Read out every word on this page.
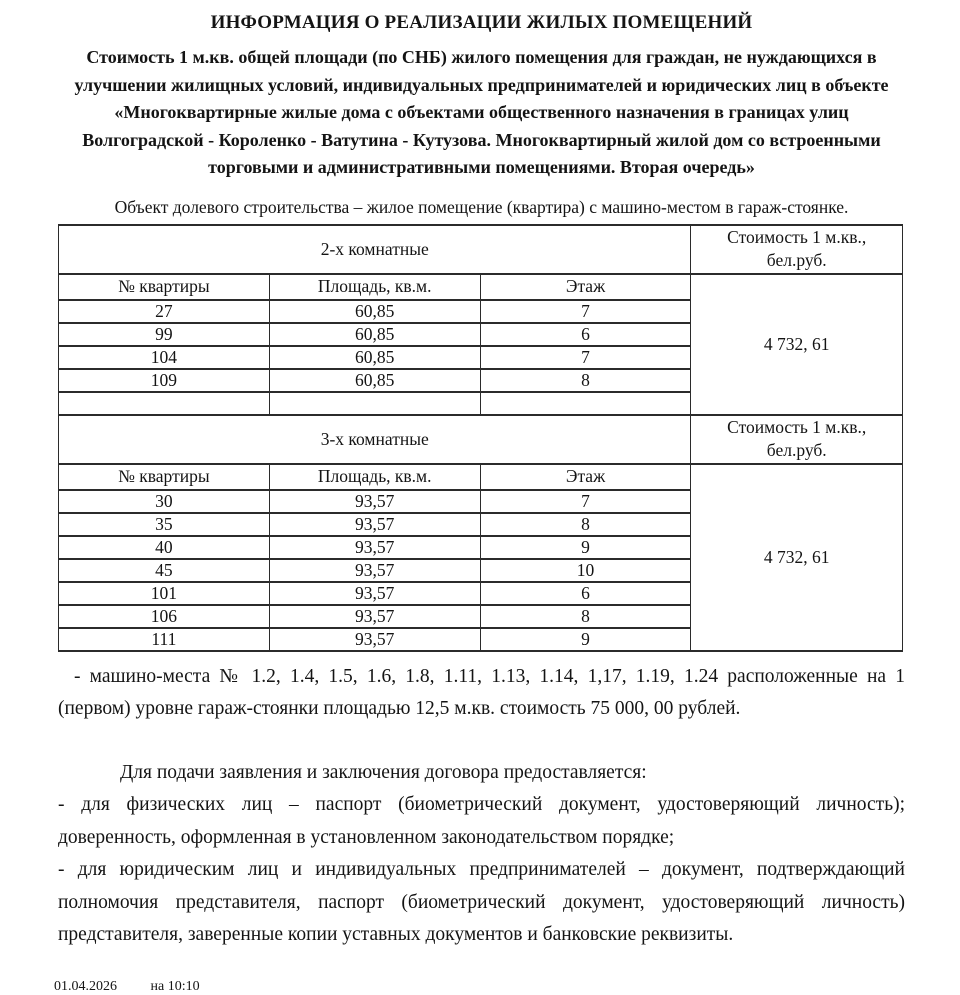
ИНФОРМАЦИЯ О РЕАЛИЗАЦИИ ЖИЛЫХ ПОМЕЩЕНИЙ
Стоимость 1 м.кв. общей площади (по СНБ) жилого помещения для граждан, не нуждающихся в
улучшении жилищных условий, индивидуальных предпринимателей и юридических лиц в объекте
«Многоквартирные жилые дома с объектами общественного назначения в границах улиц
Волгоградской - Короленко - Ватутина - Кутузова. Многоквартирный жилой дом со встроенными
торговыми и административными помещениями. Вторая очередь»

Объект долевого строительства – жилое помещение (квартира) с машино-местом в гараж-стоянке.

2-х комнатные			Стоимость 1 м.кв., бел.руб.
№ квартиры	Площадь, кв.м.	Этаж	4 732, 61
27	60,85	7	
99	60,85	6	
104	60,85	7	
109	60,85	8	

3-х комнатные			Стоимость 1 м.кв., бел.руб.
№ квартиры	Площадь, кв.м.	Этаж	4 732, 61
30	93,57	7	
35	93,57	8	
40	93,57	9	
45	93,57	10	
101	93,57	6	
106	93,57	8	
111	93,57	9	

- машино-места № 1.2, 1.4, 1.5, 1.6, 1.8, 1.11, 1.13, 1.14, 1,17, 1.19, 1.24 расположенные на 1 (первом) уровне гараж-стоянки площадью 12,5 м.кв. стоимость 75 000, 00 рублей.

Для подачи заявления и заключения договора предоставляется:

- для физических лиц – паспорт (биометрический документ, удостоверяющий личность); доверенность, оформленная в установленном законодательством порядке;

- для юридическим лиц и индивидуальных предпринимателей – документ, подтверждающий полномочия представителя, паспорт (биометрический документ, удостоверяющий личность) представителя, заверенные копии уставных документов и банковские реквизиты.

01.04.2026 на 10:10
